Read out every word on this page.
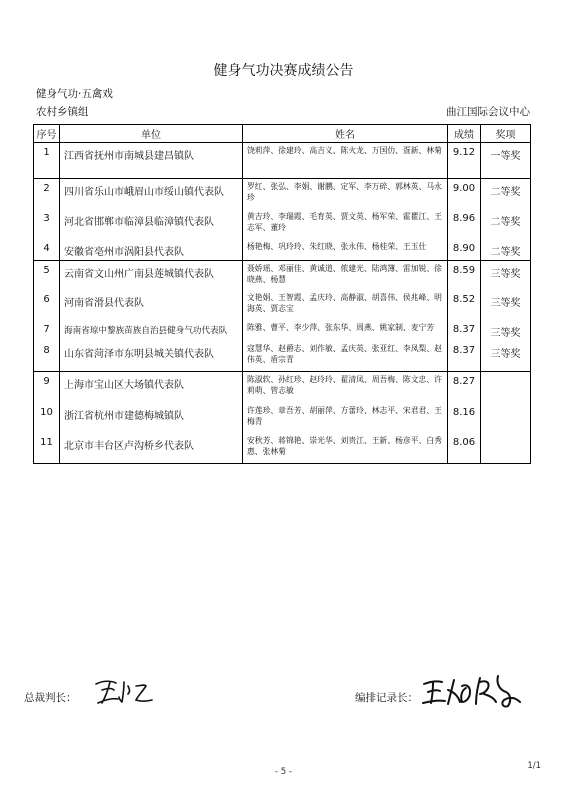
健身气功决赛成绩公告
健身气功·五禽戏
农村乡镇组	曲江国际会议中心
序号	单位	姓名	成绩	奖项
1	江西省抚州市南城县建昌镇队	饶莉萍、徐建玲、高吉义、陈火龙、万国仂、疍新、林菊	9.12	一等奖
2	四川省乐山市峨眉山市绥山镇代表队	罗红、张弘、李娟、谢鹏、定军、李万碎、郭林英、马永珍	9.00	二等奖
3	河北省邯郸市临漳县临漳镇代表队	黄吉玲、李瑞霞、毛育英、贾文英、杨军荣、霍瞿江、王志军、董玲	8.96	二等奖
4	安徽省亳州市涡阳县代表队	杨艳梅、巩玲玲、朱红晓、张永伟、杨桂荣、王玉仕	8.90	二等奖
5	云南省文山州广南县莲城镇代表队	聂娇瑶、邓丽佳、黄诚道、侬建光、陆鸿簿、雷加锐、徐晓燕、杨慧	8.59	三等奖
6	河南省滑县代表队	文艳娟、王智霞、孟庆玲、高静淑、胡喜伟、侯兆峰、明海英、贾志宝	8.52	三等奖
7	海南省琼中黎族苗族自治县健身气功代表队	陈雅、曹平、李少萍、张东华、周燕、姚家制、麦宁芳	8.37	三等奖
8	山东省菏泽市东明县城关镇代表队	寇慧华、赵爵志、刘作敏、孟庆英、张亚红、李凤梨、赵伟英、盾宗青	8.37	三等奖
9	上海市宝山区大场镇代表队	陈淑软、孙红珍、赵玲玲、翟清凤、周吾梅、陈文忠、许莉萌、管志敏	8.27	
10	浙江省杭州市建德梅城镇队	许莲珍、章吾芳、胡丽萍、方蕾玲、林志平、宋君君、王梅青	8.16	
11	北京市丰台区卢沟桥乡代表队	安秋芳、蒋锦艳、崇光华、刘贵江、王新、杨彦平、白秀惠、张林菊	8.06	
总裁判长：	编排记录长：
- 5 -
1/1
